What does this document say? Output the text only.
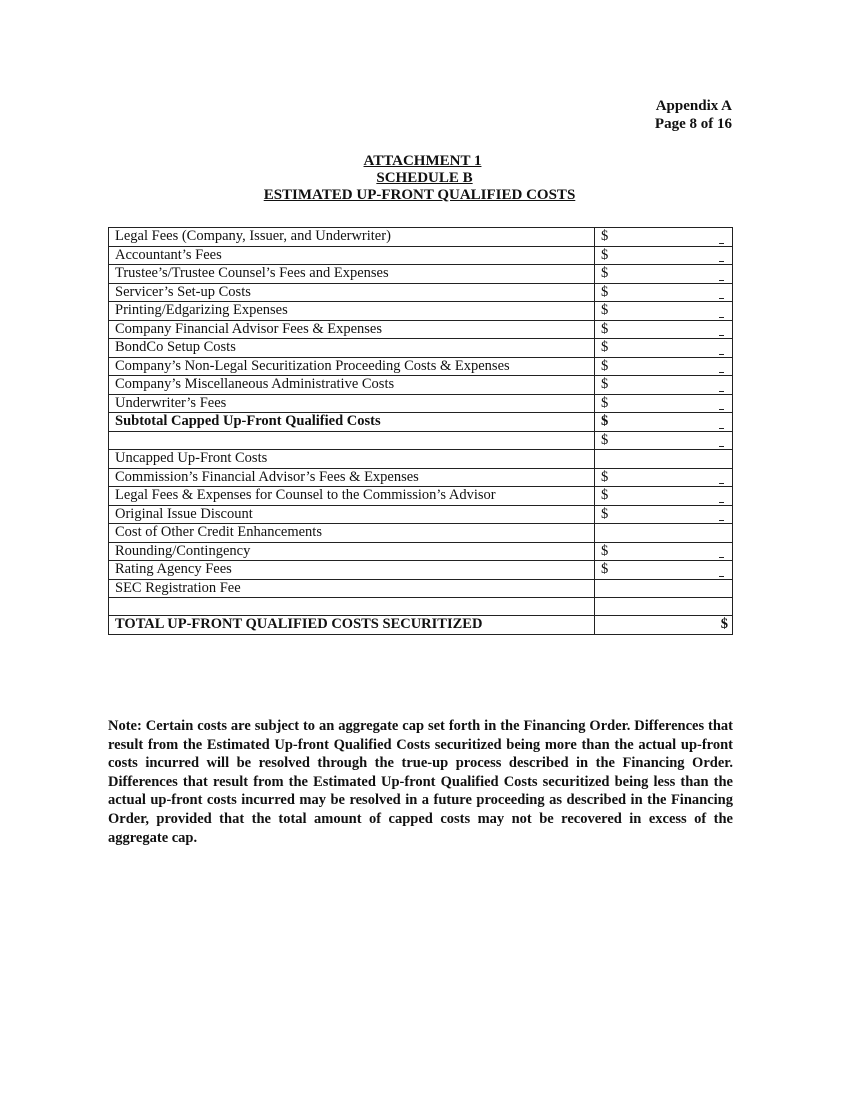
Appendix A
Page 8 of 16
ATTACHMENT 1
SCHEDULE B
ESTIMATED UP-FRONT QUALIFIED COSTS
Legal Fees (Company, Issuer, and Underwriter)	$

Accountant’s Fees	$

Trustee’s/Trustee Counsel’s Fees and Expenses	$

Servicer’s Set-up Costs	$

Printing/Edgarizing Expenses	$

Company Financial Advisor Fees & Expenses	$

BondCo Setup Costs	$

Company’s Non-Legal Securitization Proceeding Costs & Expenses	$

Company’s Miscellaneous Administrative Costs	$

Underwriter’s Fees	$

Subtotal Capped Up-Front Qualified Costs	$

	$

Uncapped Up-Front Costs	
Commission’s Financial Advisor’s Fees & Expenses	$

Legal Fees & Expenses for Counsel to the Commission’s Advisor	$

Original Issue Discount	$

Cost of Other Credit Enhancements	
Rounding/Contingency	$

Rating Agency Fees	$

SEC Registration Fee	

TOTAL UP-FRONT QUALIFIED COSTS SECURITIZED	$
Note: Certain costs are subject to an aggregate cap set forth in the Financing Order. Differences that result from the Estimated Up-front Qualified Costs securitized being more than the actual up-front costs incurred will be resolved through the true-up process described in the Financing Order. Differences that result from the Estimated Up-front Qualified Costs securitized being less than the actual up-front costs incurred may be resolved in a future proceeding as described in the Financing Order, provided that the total amount of capped costs may not be recovered in excess of the aggregate cap.
